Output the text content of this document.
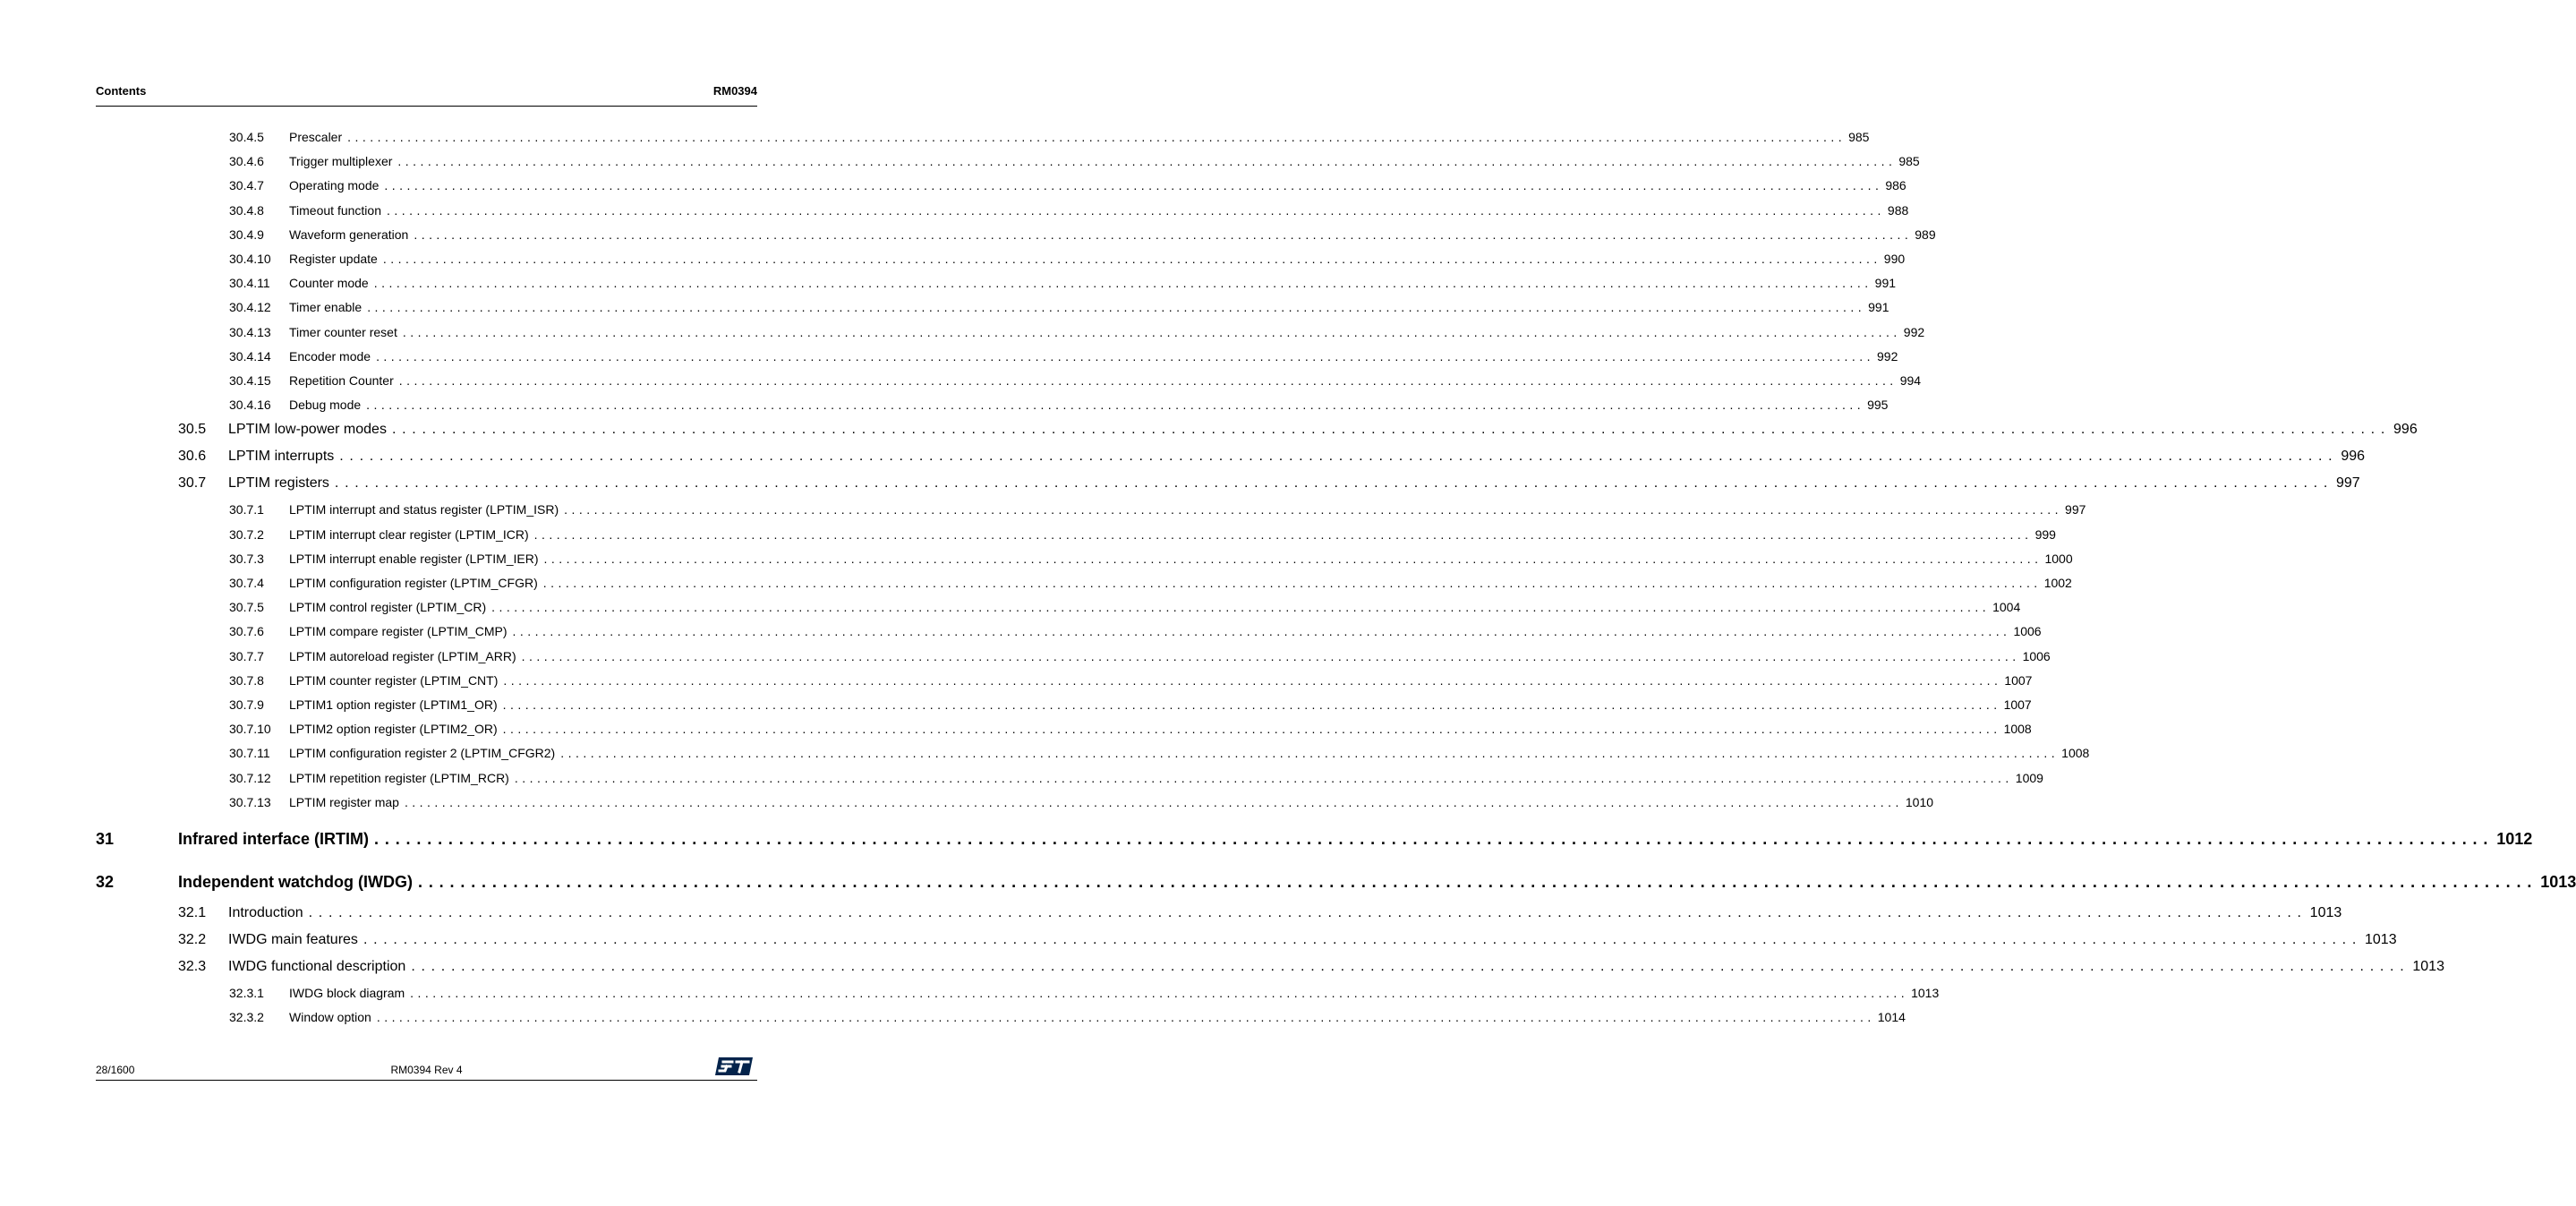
Contents	RM0394
30.4.5	Prescaler ........................................................................................................................................................................................................ 985
30.4.6	Trigger multiplexer ........................................................................................................................................................................................................ 985
30.4.7	Operating mode ........................................................................................................................................................................................................ 986
30.4.8	Timeout function ........................................................................................................................................................................................................ 988
30.4.9	Waveform generation ........................................................................................................................................................................................................ 989
30.4.10	Register update ........................................................................................................................................................................................................ 990
30.4.11	Counter mode ........................................................................................................................................................................................................ 991
30.4.12	Timer enable ........................................................................................................................................................................................................ 991
30.4.13	Timer counter reset ........................................................................................................................................................................................................ 992
30.4.14	Encoder mode ........................................................................................................................................................................................................ 992
30.4.15	Repetition Counter ........................................................................................................................................................................................................ 994
30.4.16	Debug mode ........................................................................................................................................................................................................ 995
30.5	LPTIM low-power modes ........................................................................................................................................................................................................ 996
30.6	LPTIM interrupts ........................................................................................................................................................................................................ 996
30.7	LPTIM registers ........................................................................................................................................................................................................ 997
30.7.1	LPTIM interrupt and status register (LPTIM_ISR) ........................................................................................................................................................................................................ 997
30.7.2	LPTIM interrupt clear register (LPTIM_ICR) ........................................................................................................................................................................................................ 999
30.7.3	LPTIM interrupt enable register (LPTIM_IER) ........................................................................................................................................................................................................ 1000
30.7.4	LPTIM configuration register (LPTIM_CFGR) ........................................................................................................................................................................................................ 1002
30.7.5	LPTIM control register (LPTIM_CR) ........................................................................................................................................................................................................ 1004
30.7.6	LPTIM compare register (LPTIM_CMP) ........................................................................................................................................................................................................ 1006
30.7.7	LPTIM autoreload register (LPTIM_ARR) ........................................................................................................................................................................................................ 1006
30.7.8	LPTIM counter register (LPTIM_CNT) ........................................................................................................................................................................................................ 1007
30.7.9	LPTIM1 option register (LPTIM1_OR) ........................................................................................................................................................................................................ 1007
30.7.10	LPTIM2 option register (LPTIM2_OR) ........................................................................................................................................................................................................ 1008
30.7.11	LPTIM configuration register 2 (LPTIM_CFGR2) ........................................................................................................................................................................................................ 1008
30.7.12	LPTIM repetition register (LPTIM_RCR) ........................................................................................................................................................................................................ 1009
30.7.13	LPTIM register map ........................................................................................................................................................................................................ 1010
31	Infrared interface (IRTIM) ........................................................................................................................................................................................................ 1012
32	Independent watchdog (IWDG) ........................................................................................................................................................................................................ 1013
32.1	Introduction ........................................................................................................................................................................................................ 1013
32.2	IWDG main features ........................................................................................................................................................................................................ 1013
32.3	IWDG functional description ........................................................................................................................................................................................................ 1013
32.3.1	IWDG block diagram ........................................................................................................................................................................................................ 1013
32.3.2	Window option ........................................................................................................................................................................................................ 1014
28/1600	RM0394 Rev 4
